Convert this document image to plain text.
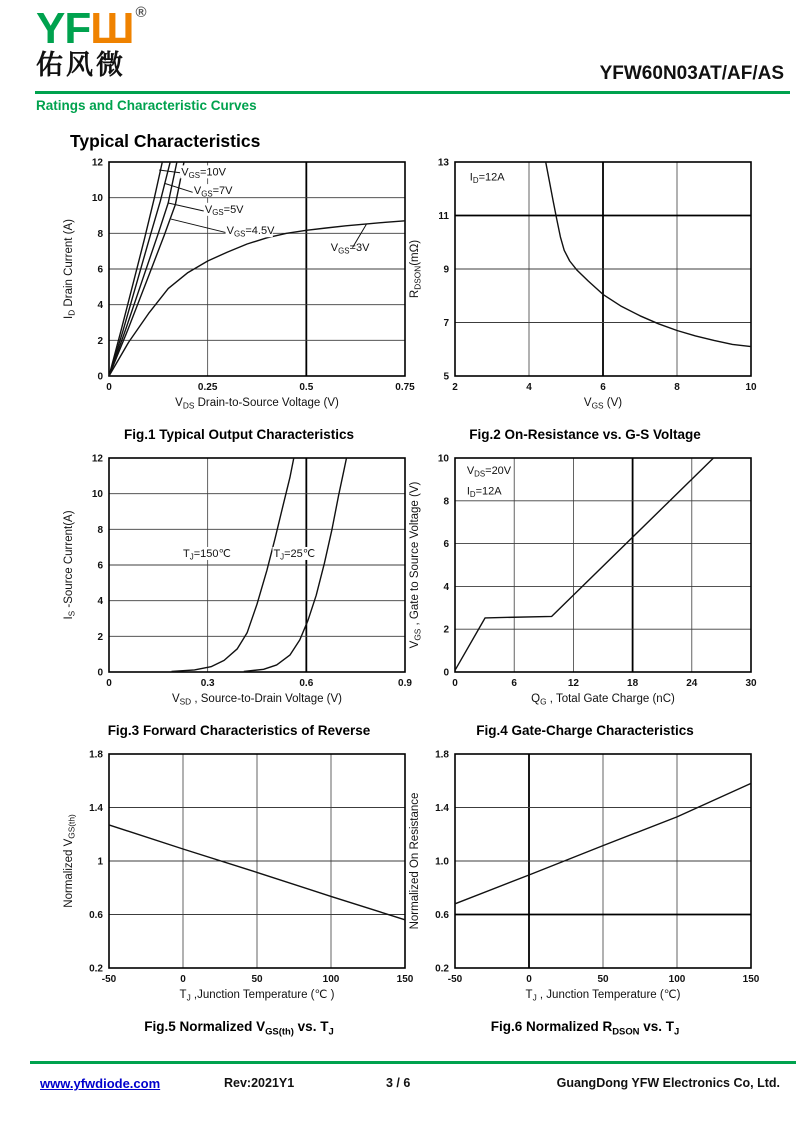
YFШ ®
佑风微	YFW60N03AT/AF/AS
Ratings and Characteristic Curves
Typical Characteristics
$V_{GS}=10V$
$V_{GS}=7V$
$V_{GS}=5V$
$V_{GS}=4.5V$
$V_{GS}=3V$
0	0.25	0.5	0.75
0
2
4
6
8
10
12
$V_{DS}$ Drain-to-Source Voltage (V)
$I_D$ Drain Current (A)
Fig.1 Typical Output Characteristics
$I_D=12A$
2	4	6	8	10
5
7
9
11
13
$V_{GS}$ (V)
$R_{DSON}(m\Omega)$
Fig.2 On-Resistance vs. G-S Voltage
$T_J=150℃$	$T_J=25℃$
0	0.3	0.6	0.9
0
2
4
6
8
10
12
$V_{SD}$ , Source-to-Drain Voltage (V)
$I_S$ -Source Current(A)
Fig.3 Forward Characteristics of Reverse
$V_{DS}=20V$
$I_D=12A$
0	6	12	18	24	30
0
2
4
6
8
10
$Q_G$ , Total Gate Charge (nC)
$V_{GS}$ , Gate to Source Voltage (V)
Fig.4 Gate-Charge Characteristics
-50	0	50	100	150
0.2
0.6
1
1.4
1.8
$T_J$ ,Junction Temperature (℃ )
Normalized $V_{GS(th)}$
Fig.5 Normalized $V_{GS(th)}$ vs. $T_J$
-50	0	50	100	150
0.2
0.6
1.0
1.4
1.8
$T_J$ , Junction Temperature (℃)
Normalized On Resistance
Fig.6 Normalized $R_{DSON}$ vs. $T_J$
www.yfwdiode.com	Rev:2021Y1	3 / 6	GuangDong YFW Electronics Co, Ltd.
